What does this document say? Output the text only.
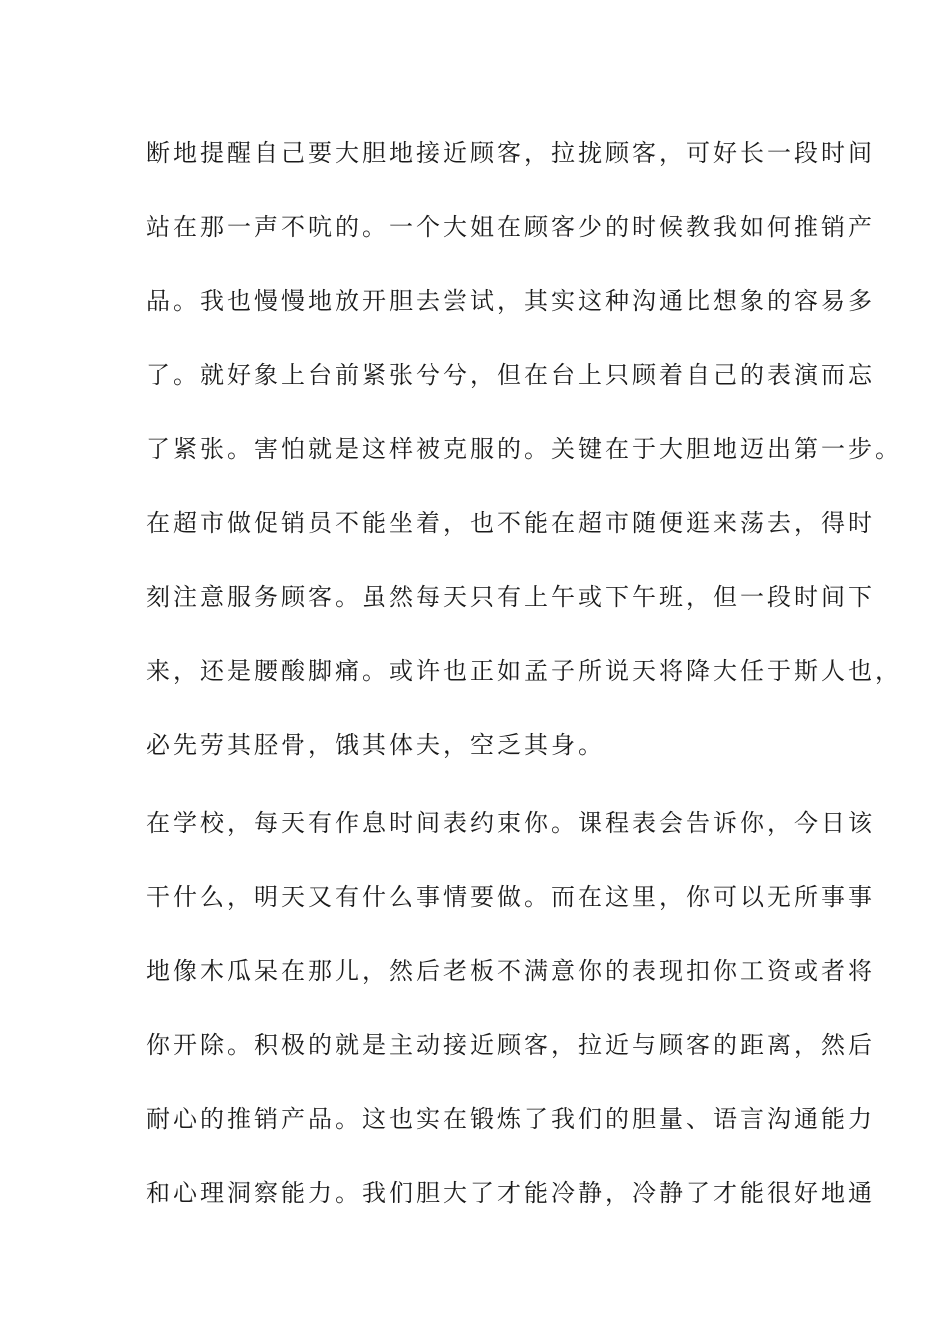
断地提醒自己要大胆地接近顾客，拉拢顾客，可好长一段时间
站在那一声不吭的。一个大姐在顾客少的时候教我如何推销产
品。我也慢慢地放开胆去尝试，其实这种沟通比想象的容易多
了。就好象上台前紧张兮兮，但在台上只顾着自己的表演而忘
了紧张。害怕就是这样被克服的。关键在于大胆地迈出第一步。
在超市做促销员不能坐着，也不能在超市随便逛来荡去，得时
刻注意服务顾客。虽然每天只有上午或下午班，但一段时间下
来，还是腰酸脚痛。或许也正如孟子所说天将降大任于斯人也，
必先劳其胫骨，饿其体夫，空乏其身。
在学校，每天有作息时间表约束你。课程表会告诉你，今日该
干什么，明天又有什么事情要做。而在这里，你可以无所事事
地像木瓜呆在那儿，然后老板不满意你的表现扣你工资或者将
你开除。积极的就是主动接近顾客，拉近与顾客的距离，然后
耐心的推销产品。这也实在锻炼了我们的胆量、语言沟通能力
和心理洞察能力。我们胆大了才能冷静，冷静了才能很好地通
